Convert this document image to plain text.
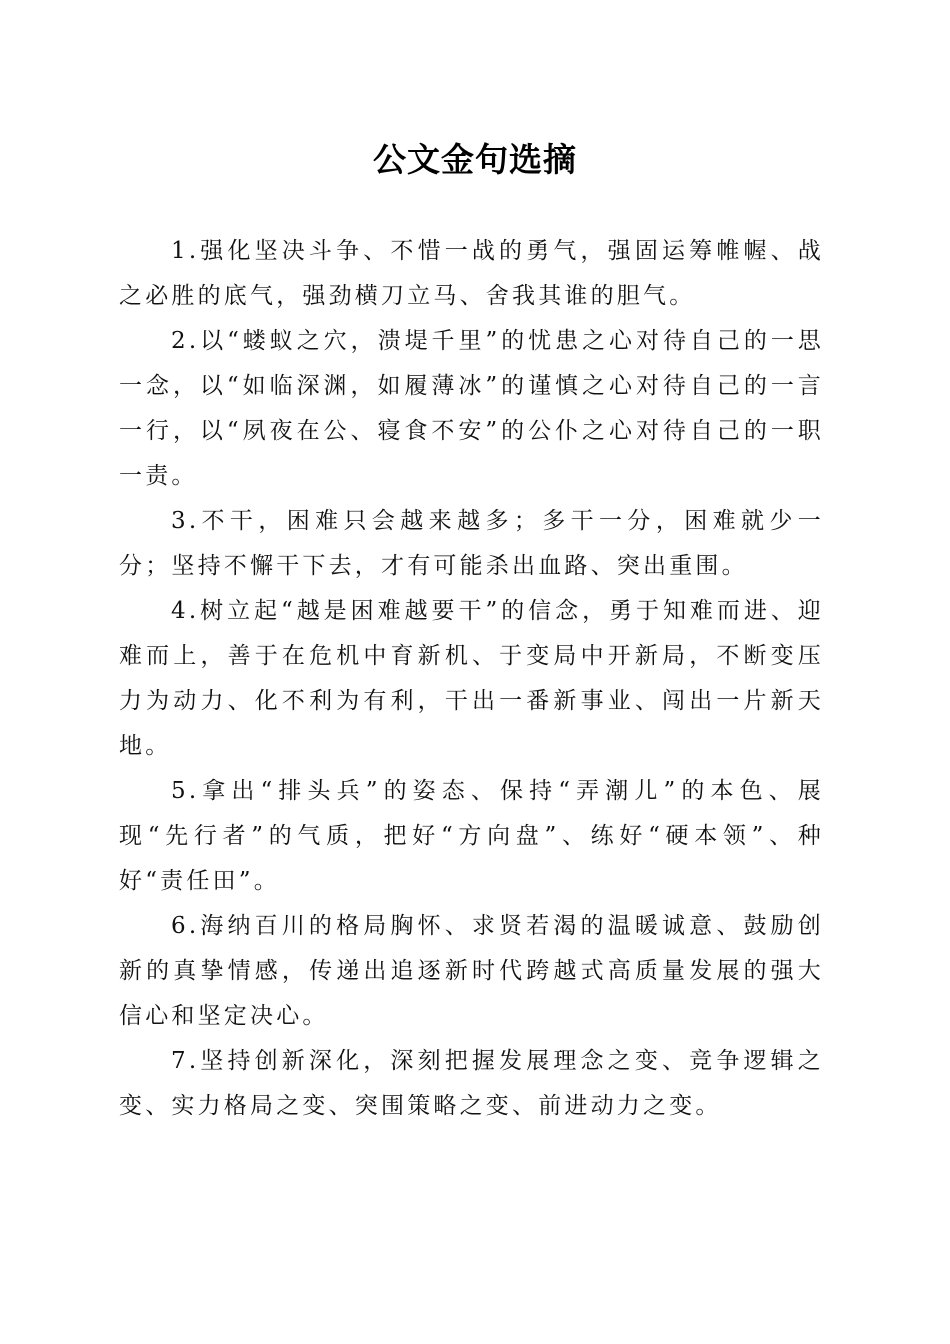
公文金句选摘

1.强化坚决斗争、不惜一战的勇气，强固运筹帷幄、战之必胜的底气，强劲横刀立马、舍我其谁的胆气。

2.以“蝼蚁之穴，溃堤千里”的忧患之心对待自己的一思一念，以“如临深渊，如履薄冰”的谨慎之心对待自己的一言一行，以“夙夜在公、寝食不安”的公仆之心对待自己的一职一责。

3.不干，困难只会越来越多；多干一分，困难就少一分；坚持不懈干下去，才有可能杀出血路、突出重围。

4.树立起“越是困难越要干”的信念，勇于知难而进、迎难而上，善于在危机中育新机、于变局中开新局，不断变压力为动力、化不利为有利，干出一番新事业、闯出一片新天地。

5.拿出“排头兵”的姿态、保持“弄潮儿”的本色、展现“先行者”的气质，把好“方向盘”、练好“硬本领”、种好“责任田”。

6.海纳百川的格局胸怀、求贤若渴的温暖诚意、鼓励创新的真挚情感，传递出追逐新时代跨越式高质量发展的强大信心和坚定决心。

7.坚持创新深化，深刻把握发展理念之变、竞争逻辑之变、实力格局之变、突围策略之变、前进动力之变。
